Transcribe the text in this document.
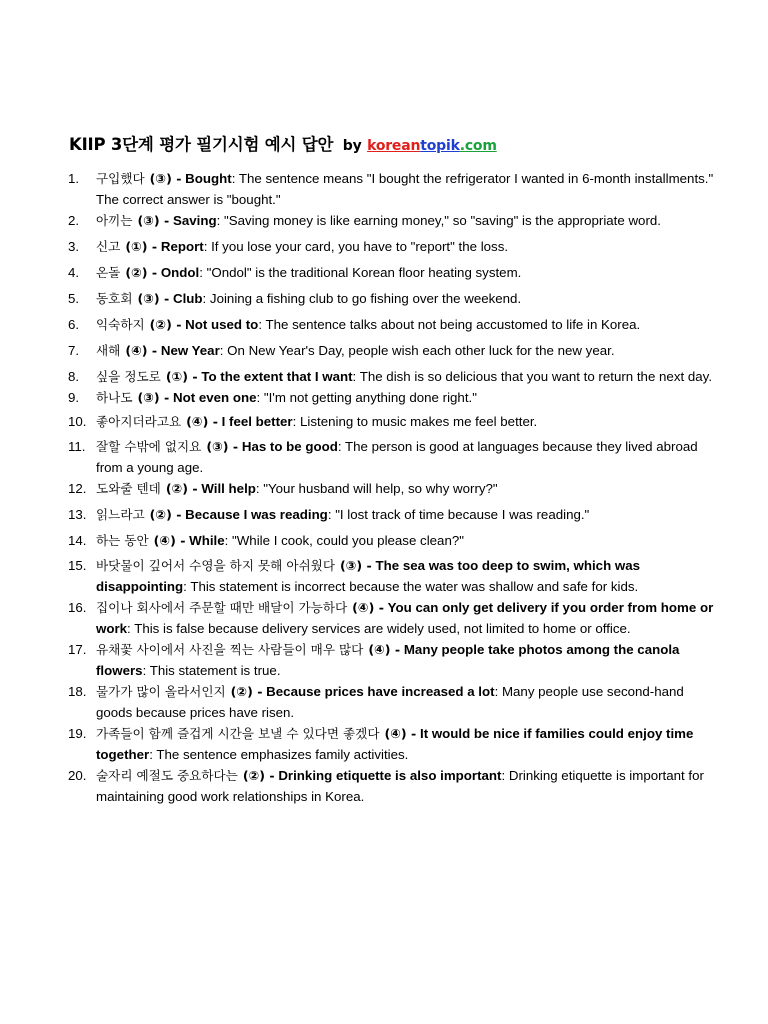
KIIP 3단계 평가 필기시험 예시 답안 by koreantopik.com
1. 구입했다 (③) - Bought: The sentence means "I bought the refrigerator I wanted in 6-month installments." The correct answer is "bought."
2. 아끼는 (③) - Saving: "Saving money is like earning money," so "saving" is the appropriate word.
3. 신고 (①) - Report: If you lose your card, you have to "report" the loss.
4. 온돌 (②) - Ondol: "Ondol" is the traditional Korean floor heating system.
5. 동호회 (③) - Club: Joining a fishing club to go fishing over the weekend.
6. 익숙하지 (②) - Not used to: The sentence talks about not being accustomed to life in Korea.
7. 새해 (④) - New Year: On New Year's Day, people wish each other luck for the new year.
8. 싶을 정도로 (①) - To the extent that I want: The dish is so delicious that you want to return the next day.
9. 하나도 (③) - Not even one: "I'm not getting anything done right."
10. 좋아지더라고요 (④) - I feel better: Listening to music makes me feel better.
11. 잘할 수밖에 없지요 (③) - Has to be good: The person is good at languages because they lived abroad from a young age.
12. 도와줄 텐데 (②) - Will help: "Your husband will help, so why worry?"
13. 읽느라고 (②) - Because I was reading: "I lost track of time because I was reading."
14. 하는 동안 (④) - While: "While I cook, could you please clean?"
15. 바닷물이 깊어서 수영을 하지 못해 아쉬웠다 (③) - The sea was too deep to swim, which was disappointing: This statement is incorrect because the water was shallow and safe for kids.
16. 집이나 회사에서 주문할 때만 배달이 가능하다 (④) - You can only get delivery if you order from home or work: This is false because delivery services are widely used, not limited to home or office.
17. 유채꽃 사이에서 사진을 찍는 사람들이 매우 많다 (④) - Many people take photos among the canola flowers: This statement is true.
18. 물가가 많이 올라서인지 (②) - Because prices have increased a lot: Many people use second-hand goods because prices have risen.
19. 가족들이 함께 즐겁게 시간을 보낼 수 있다면 좋겠다 (④) - It would be nice if families could enjoy time together: The sentence emphasizes family activities.
20. 술자리 예절도 중요하다는 (②) - Drinking etiquette is also important: Drinking etiquette is important for maintaining good work relationships in Korea.
